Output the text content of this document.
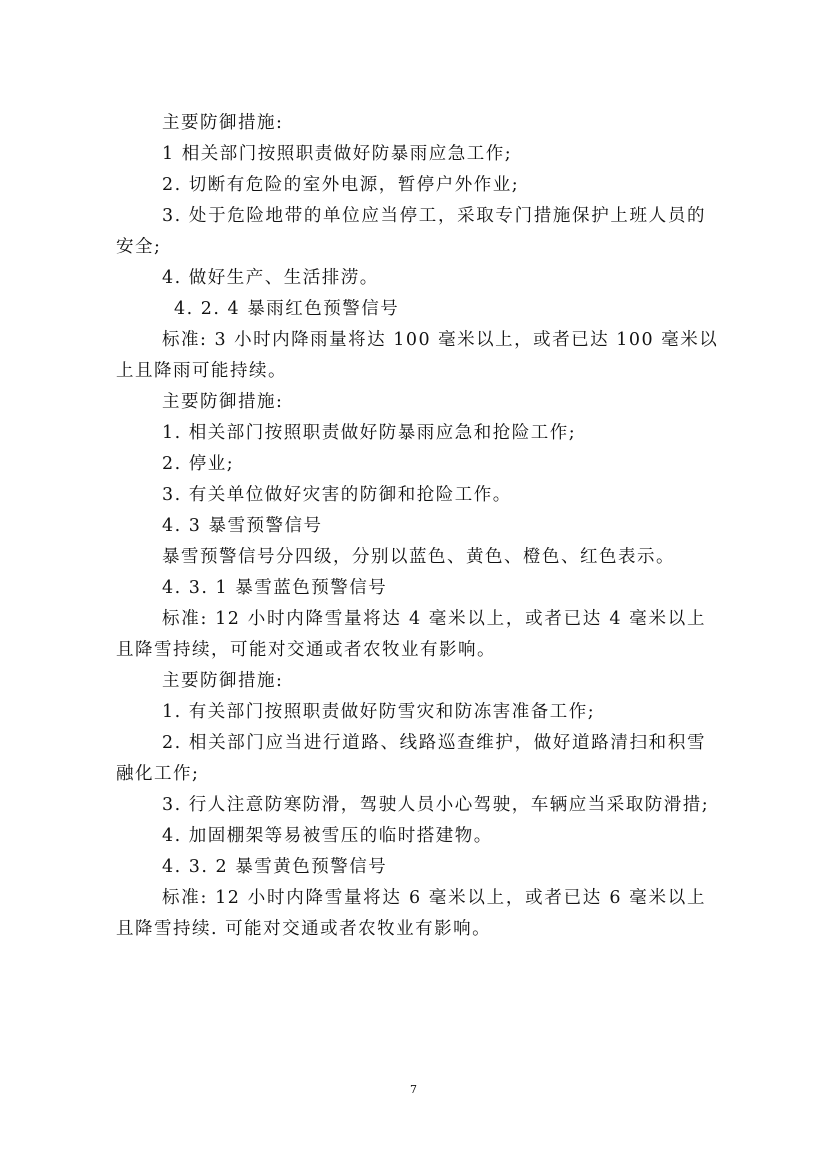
主要防御措施:
1 相关部门按照职责做好防暴雨应急工作;
2. 切断有危险的室外电源，暂停户外作业;
3. 处于危险地带的单位应当停工，采取专门措施保护上班人员的
安全;
4. 做好生产、生活排涝。
4. 2. 4 暴雨红色预警信号
标准: 3 小时内降雨量将达 100 毫米以上，或者已达 100 毫米以
上且降雨可能持续。
主要防御措施:
1. 相关部门按照职责做好防暴雨应急和抢险工作;
2. 停业;
3. 有关单位做好灾害的防御和抢险工作。
4. 3 暴雪预警信号
暴雪预警信号分四级，分别以蓝色、黄色、橙色、红色表示。
4. 3. 1 暴雪蓝色预警信号
标准: 12 小时内降雪量将达 4 毫米以上，或者已达 4 毫米以上
且降雪持续，可能对交通或者农牧业有影响。
主要防御措施:
1. 有关部门按照职责做好防雪灾和防冻害准备工作;
2. 相关部门应当进行道路、线路巡查维护，做好道路清扫和积雪
融化工作;
3. 行人注意防寒防滑，驾驶人员小心驾驶，车辆应当采取防滑措;
4. 加固棚架等易被雪压的临时搭建物。
4. 3. 2 暴雪黄色预警信号
标准: 12 小时内降雪量将达 6 毫米以上，或者已达 6 毫米以上
且降雪持续. 可能对交通或者农牧业有影响。
7
